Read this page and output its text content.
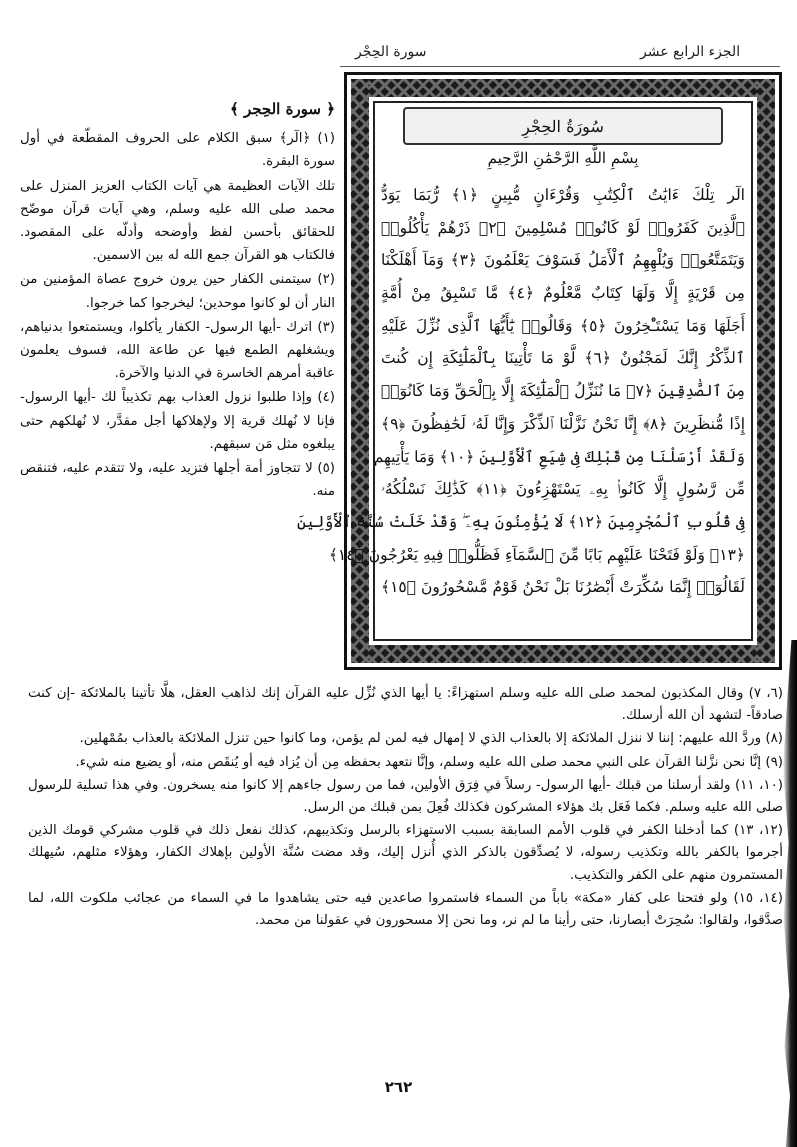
سورة الحِجْر	الجزء الرابع عشر
سُورَةُ الحِجْرِ
بِسْمِ اللَّهِ الرَّحْمَٰنِ الرَّحِيمِ
الٓر تِلْكَ ءَايَٰتُ ٱلْكِتَٰبِ وَقُرْءَانٍ مُّبِينٍ ﴿١﴾ رُّبَمَا يَوَدُّ
ٱلَّذِينَ كَفَرُوا۟ لَوْ كَانُوا۟ مُسْلِمِينَ ﴿٢﴾ ذَرْهُمْ يَأْكُلُوا۟
وَيَتَمَتَّعُوا۟ وَيُلْهِهِمُ ٱلْأَمَلُ فَسَوْفَ يَعْلَمُونَ ﴿٣﴾ وَمَآ أَهْلَكْنَا
مِن قَرْيَةٍ إِلَّا وَلَهَا كِتَابٌ مَّعْلُومٌ ﴿٤﴾ مَّا تَسْبِقُ مِنْ أُمَّةٍ
أَجَلَهَا وَمَا يَسْتَـْٔخِرُونَ ﴿٥﴾ وَقَالُوا۟ يَٰٓأَيُّهَا ٱلَّذِى نُزِّلَ عَلَيْهِ
ٱلذِّكْرُ إِنَّكَ لَمَجْنُونٌ ﴿٦﴾ لَّوْ مَا تَأْتِينَا بِٱلْمَلَٰٓئِكَةِ إِن كُنتَ
مِنَ ٱلصَّٰدِقِينَ ﴿٧﴾ مَا نُنَزِّلُ ٱلْمَلَٰٓئِكَةَ إِلَّا بِٱلْحَقِّ وَمَا كَانُوٓا۟
إِذًا مُّنظَرِينَ ﴿٨﴾ إِنَّا نَحْنُ نَزَّلْنَا ٱلذِّكْرَ وَإِنَّا لَهُۥ لَحَٰفِظُونَ ﴿٩﴾
وَلَقَدْ أَرْسَلْنَا مِن قَبْلِكَ فِى شِيَعِ ٱلْأَوَّلِينَ ﴿١٠﴾ وَمَا يَأْتِيهِم
مِّن رَّسُولٍ إِلَّا كَانُوا۟ بِهِۦ يَسْتَهْزِءُونَ ﴿١١﴾ كَذَٰلِكَ نَسْلُكُهُۥ
فِى قُلُوبِ ٱلْمُجْرِمِينَ ﴿١٢﴾ لَا يُؤْمِنُونَ بِهِۦ ۖ وَقَدْ خَلَتْ سُنَّةُ ٱلْأَوَّلِينَ
﴿١٣﴾ وَلَوْ فَتَحْنَا عَلَيْهِم بَابًا مِّنَ ٱلسَّمَآءِ فَظَلُّوا۟ فِيهِ يَعْرُجُونَ ﴿١٤﴾
لَقَالُوٓا۟ إِنَّمَا سُكِّرَتْ أَبْصَٰرُنَا بَلْ نَحْنُ قَوْمٌ مَّسْحُورُونَ ﴿١٥﴾
﴿ سورة الحِجر ﴾

(١) ﴿الٓر﴾ سبق الكلام على الحروف المقطّعة في أول سورة البقرة.

تلك الآيات العظيمة هي آيات الكتاب العزيز المنزل على محمد صلى الله عليه وسلم، وهي آيات قرآن موضّح للحقائق بأحسن لفظ وأوضحه وأدلّه على المقصود. فالكتاب هو القرآن جمع الله له بين الاسمين.

(٢) سيتمنى الكفار حين يرون خروج عصاة المؤمنين من النار أن لو كانوا موحدين؛ ليخرجوا كما خرجوا.

(٣) اترك -أيها الرسول- الكفار يأكلوا، ويستمتعوا بدنياهم، ويشغلهم الطمع فيها عن طاعة الله، فسوف يعلمون عاقبة أمرهم الخاسرة في الدنيا والآخرة.

(٤) وإذا طلبوا نزول العذاب بهم تكذيباً لك -أيها الرسول- فإنا لا نُهلك قرية إلا ولإهلاكها أجل مقدَّر، لا نُهلكهم حتى يبلغوه مثل مَن سبقهم.

(٥) لا تتجاوز أمة أجلها فتزيد عليه، ولا تتقدم عليه، فتنقص منه.

(٦، ٧) وقال المكذبون لمحمد صلى الله عليه وسلم استهزاءً: يا أيها الذي نُزِّل عليه القرآن إنك لذاهب العقل، هلَّا تأتينا بالملائكة -إن كنت صادقاً- لتشهد أن الله أرسلك.

(٨) وردَّ الله عليهم: إننا لا ننزل الملائكة إلا بالعذاب الذي لا إمهال فيه لمن لم يؤمن، وما كانوا حين تنزل الملائكة بالعذاب بمُمْهلين.

(٩) إنَّا نحن نزَّلنا القرآن على النبي محمد صلى الله عليه وسلم، وإنَّا نتعهد بحفظه مِن أن يُزاد فيه أو يُنقَص منه، أو يضيع منه شيء.

(١٠، ١١) ولقد أرسلنا من قبلك -أيها الرسول- رسلاً في فِرَق الأولين، فما من رسول جاءهم إلا كانوا منه يسخرون. وفي هذا تسلية للرسول صلى الله عليه وسلم. فكما فَعَل بك هؤلاء المشركون فكذلك فُعِلَ بمن قبلك من الرسل.

(١٢، ١٣) كما أدخلنا الكفر في قلوب الأمم السابقة بسبب الاستهزاء بالرسل وتكذيبهم، كذلك نفعل ذلك في قلوب مشركي قومك الذين أجرموا بالكفر بالله وتكذيب رسوله، لا يُصدِّقون بالذكر الذي أُنزل إليك، وقد مضت سُنَّة الأولين بإهلاك الكفار، وهؤلاء مثلهم، سُيهلك المستمرون منهم على الكفر والتكذيب.

(١٤، ١٥) ولو فتحنا على كفار «مكة» باباً من السماء فاستمروا صاعدين فيه حتى يشاهدوا ما في السماء من عجائب ملكوت الله، لما صدَّقوا، ولقالوا: سُحِرَتْ أبصارنا، حتى رأينا ما لم نر، وما نحن إلا مسحورون في عقولنا من محمد.

٢٦٢
